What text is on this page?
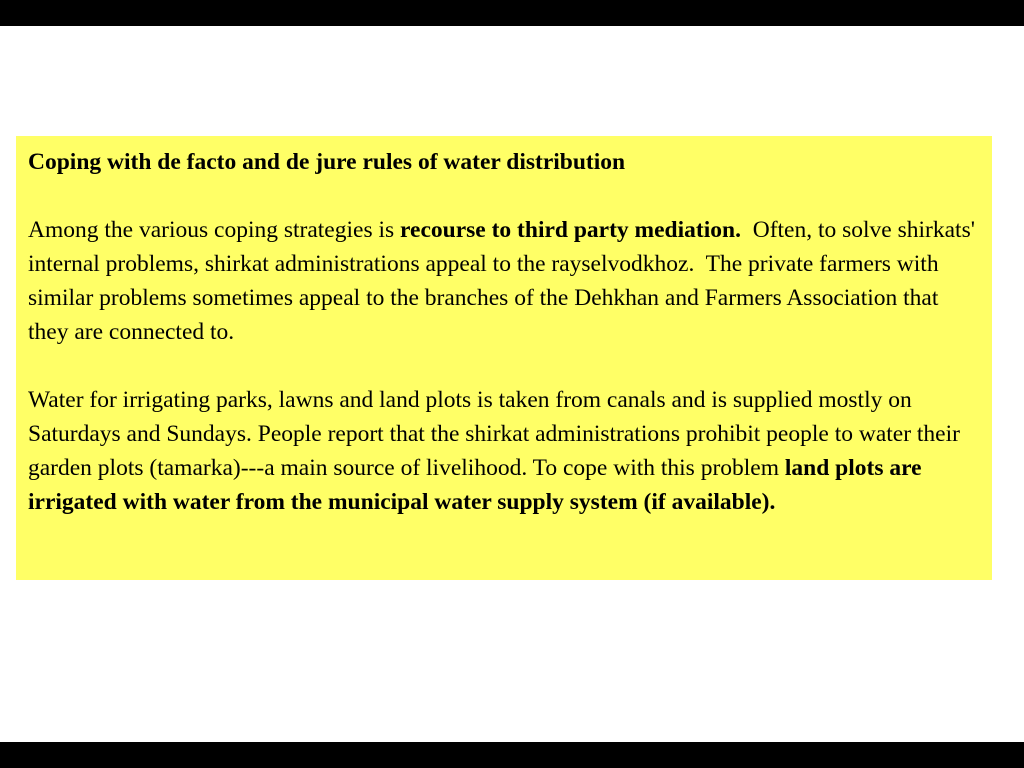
Coping with de facto and de jure rules of water distribution

Among the various coping strategies is recourse to third party mediation.  Often, to solve shirkats' internal problems, shirkat administrations appeal to the rayselvodkhoz.  The private farmers with similar problems sometimes appeal to the branches of the Dehkhan and Farmers Association that they are connected to.

Water for irrigating parks, lawns and land plots is taken from canals and is supplied mostly on Saturdays and Sundays. People report that the shirkat administrations prohibit people to water their garden plots (tamarka)---a main source of livelihood. To cope with this problem land plots are irrigated with water from the municipal water supply system (if available).
